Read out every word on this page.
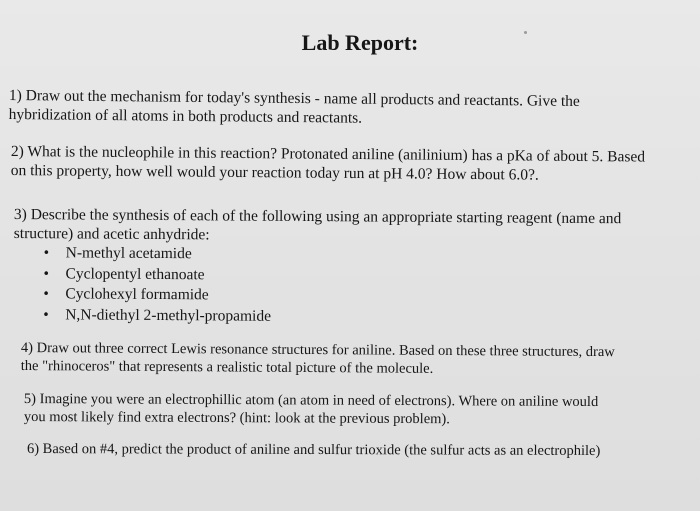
Lab Report:
1) Draw out the mechanism for today's synthesis - name all products and reactants. Give the
hybridization of all atoms in both products and reactants.
2) What is the nucleophile in this reaction? Protonated aniline (anilinium) has a pKa of about 5. Based
on this property, how well would your reaction today run at pH 4.0? How about 6.0?.
3) Describe the synthesis of each of the following using an appropriate starting reagent (name and
structure) and acetic anhydride:
• N-methyl acetamide
• Cyclopentyl ethanoate
• Cyclohexyl formamide
• N,N-diethyl 2-methyl-propamide
4) Draw out three correct Lewis resonance structures for aniline. Based on these three structures, draw
the "rhinoceros" that represents a realistic total picture of the molecule.
5) Imagine you were an electrophillic atom (an atom in need of electrons). Where on aniline would
you most likely find extra electrons? (hint: look at the previous problem).
6) Based on #4, predict the product of aniline and sulfur trioxide (the sulfur acts as an electrophile)
